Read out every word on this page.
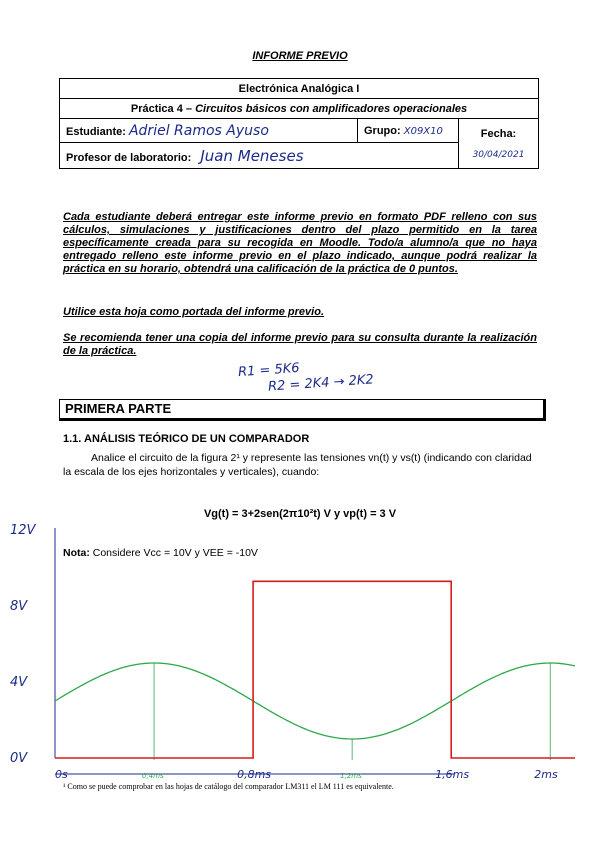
INFORME PREVIO
Electrónica Analógica I
Práctica 4 – Circuitos básicos con amplificadores operacionales
Estudiante: Adriel Ramos Ayuso	Grupo: X09X10	Fecha:
30/04/2021

Profesor de laboratorio: Juan Meneses
Cada estudiante deberá entregar este informe previo en formato PDF relleno con sus cálculos, simulaciones y justificaciones dentro del plazo permitido en la tarea específicamente creada para su recogida en Moodle. Todo/a alumno/a que no haya entregado relleno este informe previo en el plazo indicado, aunque podrá realizar la práctica en su horario, obtendrá una calificación de la práctica de 0 puntos.
Utilice esta hoja como portada del informe previo.
Se recomienda tener una copia del informe previo para su consulta durante la realización de la práctica.
R1 = 5K6
R2 = 2K4 → 2K2
PRIMERA PARTE
1.1. ANÁLISIS TEÓRICO DE UN COMPARADOR
Analice el circuito de la figura 2¹ y represente las tensiones vn(t) y vs(t) (indicando con claridad la escala de los ejes horizontales y verticales), cuando:
12V
8V
4V
0V
0s	0,8ms	1,6ms	2ms
0,4ms	1,2ms
Vg(t) = 3+2sen(2π10²t) V y vp(t) = 3 V
Nota: Considere Vcc = 10V y VEE = -10V
¹ Como se puede comprobar en las hojas de catálogo del comparador LM311 el LM 111 es equivalente.
